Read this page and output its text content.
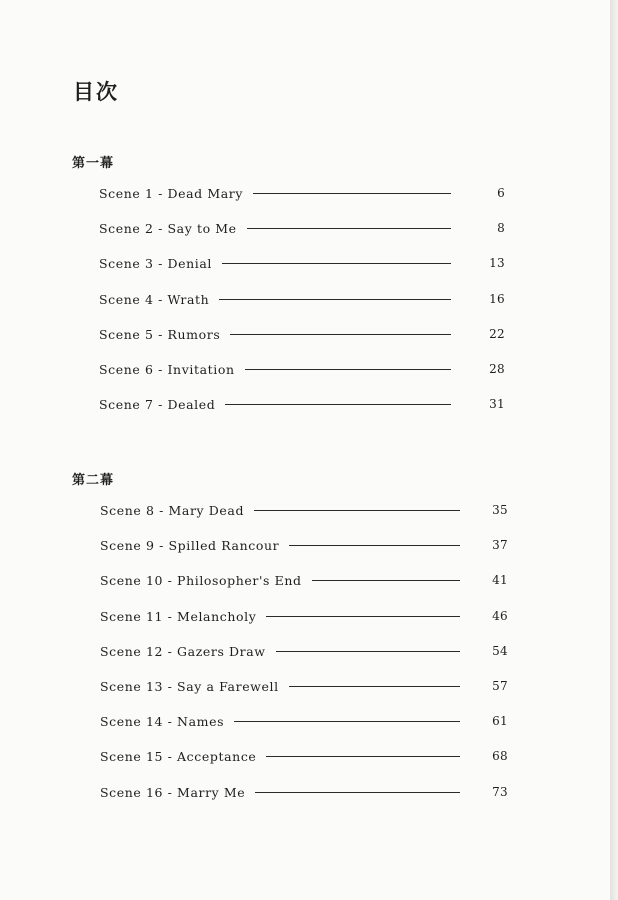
目次
第一幕
Scene 1 - Dead Mary	6
Scene 2 - Say to Me	8
Scene 3 - Denial	13
Scene 4 - Wrath	16
Scene 5 - Rumors	22
Scene 6 - Invitation	28
Scene 7 - Dealed	31
第二幕
Scene 8 - Mary Dead	35
Scene 9 - Spilled Rancour	37
Scene 10 - Philosopher's End	41
Scene 11 - Melancholy	46
Scene 12 - Gazers Draw	54
Scene 13 - Say a Farewell	57
Scene 14 - Names	61
Scene 15 - Acceptance	68
Scene 16 - Marry Me	73
